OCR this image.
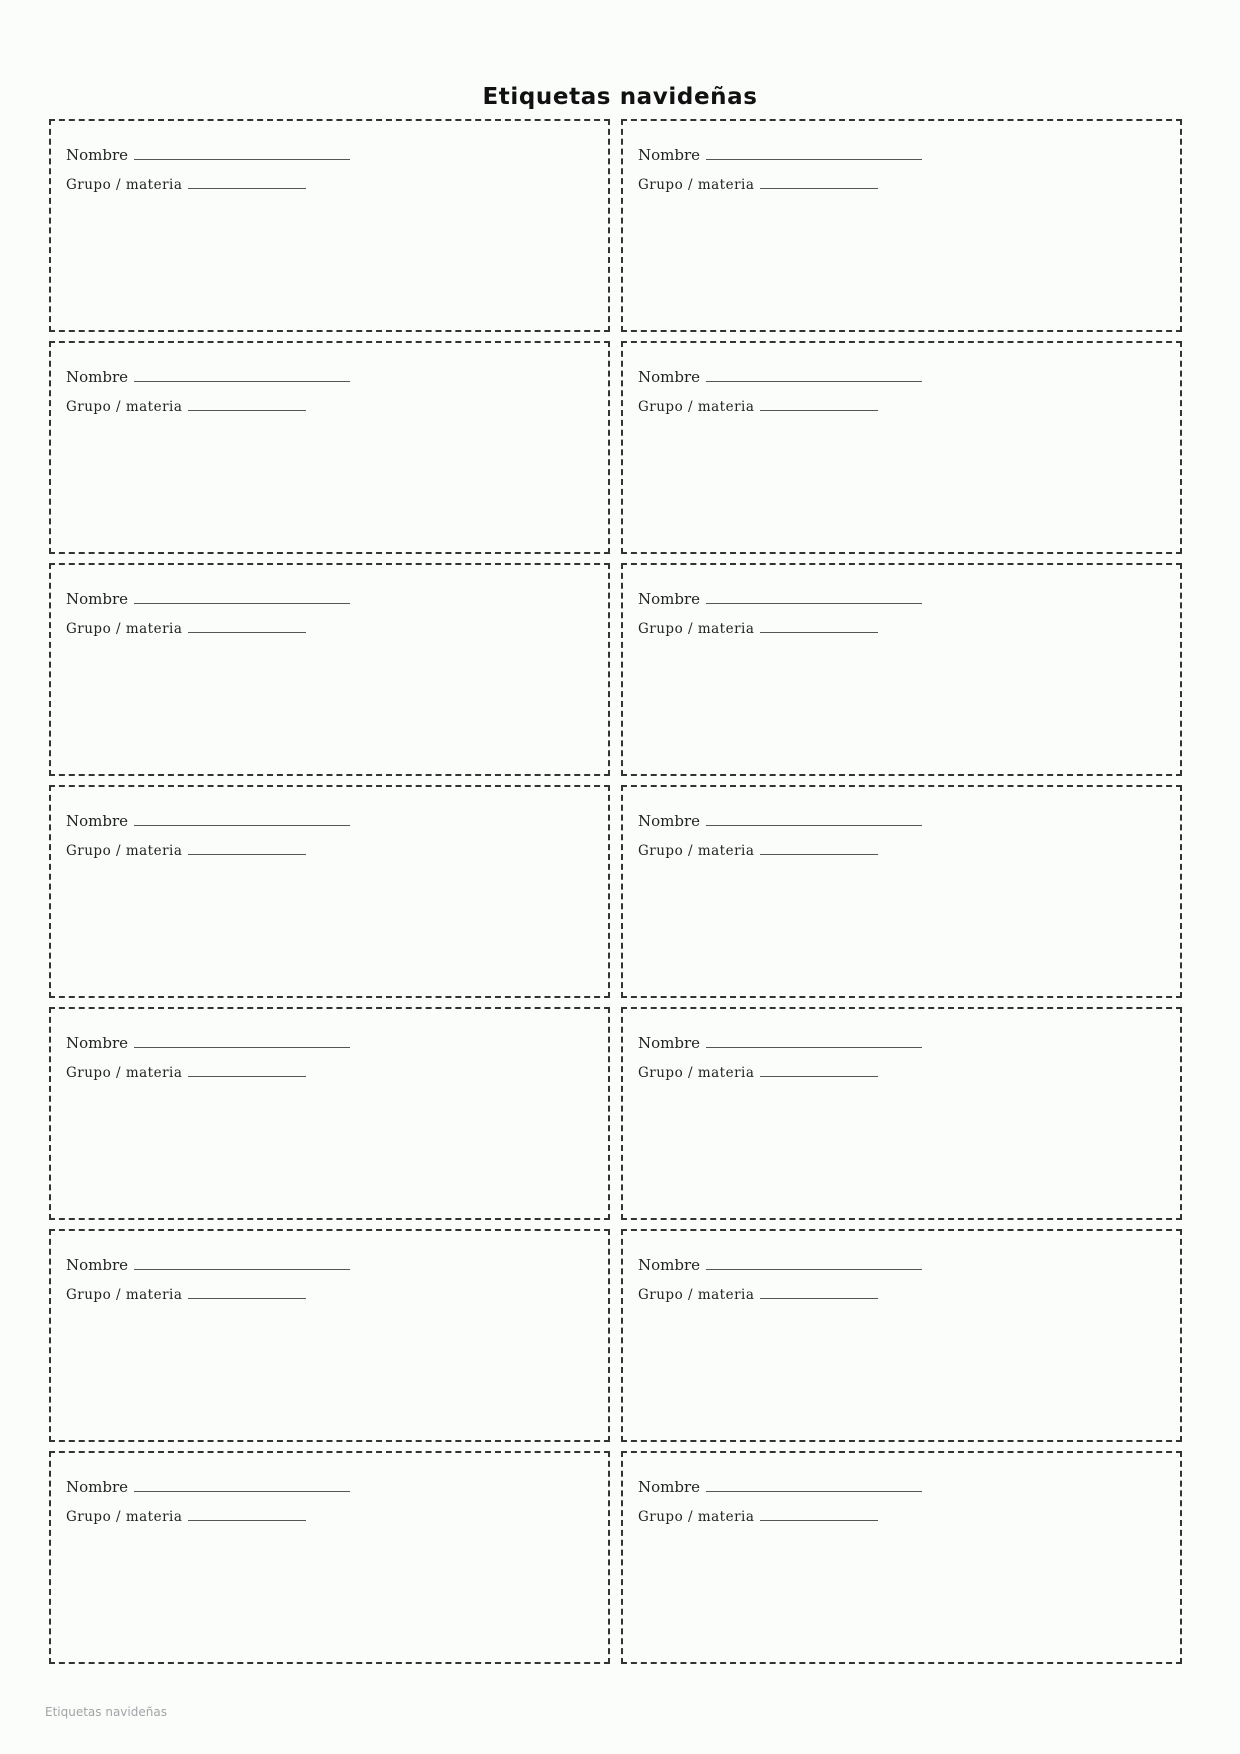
Etiquetas navideñas
Nombre
Grupo / materia
Nombre
Grupo / materia
Nombre
Grupo / materia
Nombre
Grupo / materia
Nombre
Grupo / materia
Nombre
Grupo / materia
Nombre
Grupo / materia
Nombre
Grupo / materia
Nombre
Grupo / materia
Nombre
Grupo / materia
Nombre
Grupo / materia
Nombre
Grupo / materia
Nombre
Grupo / materia
Nombre
Grupo / materia
Etiquetas navideñas
